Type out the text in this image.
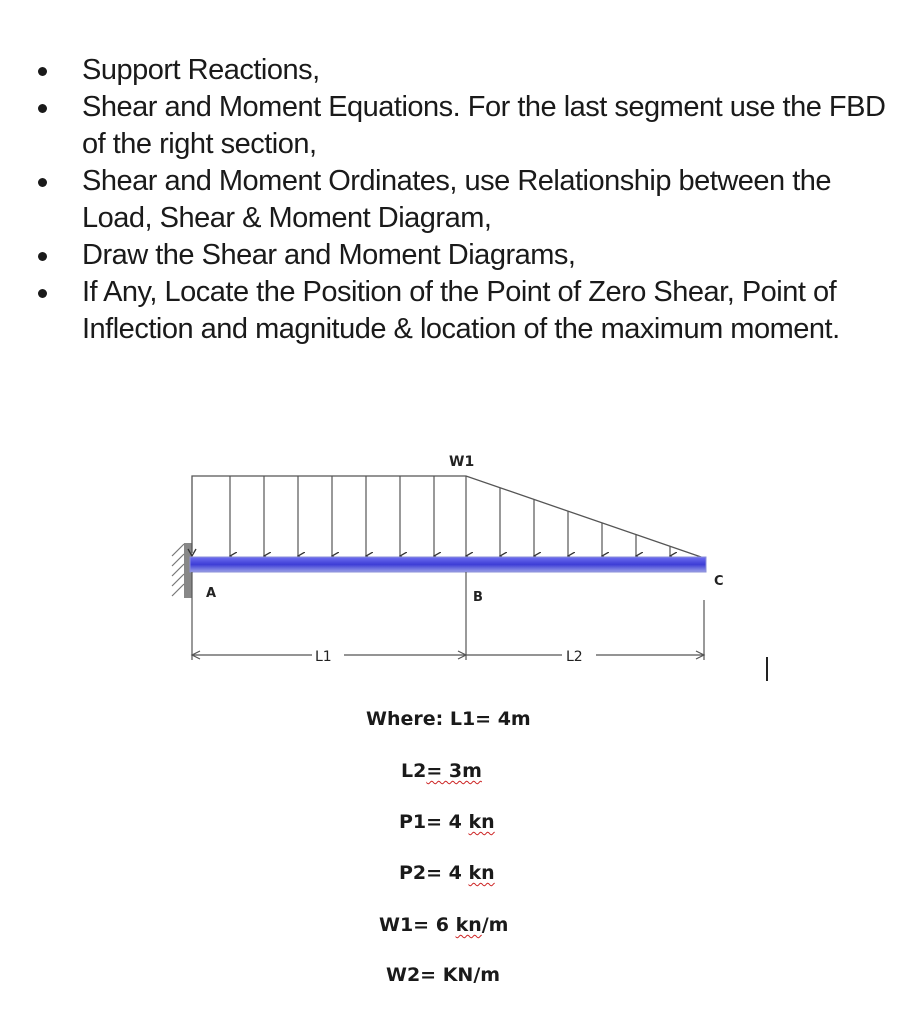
Support Reactions,
Shear and Moment Equations. For the last segment use the FBD of the right section,
Shear and Moment Ordinates, use Relationship between the Load, Shear & Moment Diagram,
Draw the Shear and Moment Diagrams,
If Any, Locate the Position of the Point of Zero Shear, Point of Inflection and magnitude & location of the maximum moment.
W1
A	B
C
L1	L2
Where: L1= 4m
L2= 3m
P1= 4 kn
P2= 4 kn
W1= 6 kn/m
W2= KN/m
